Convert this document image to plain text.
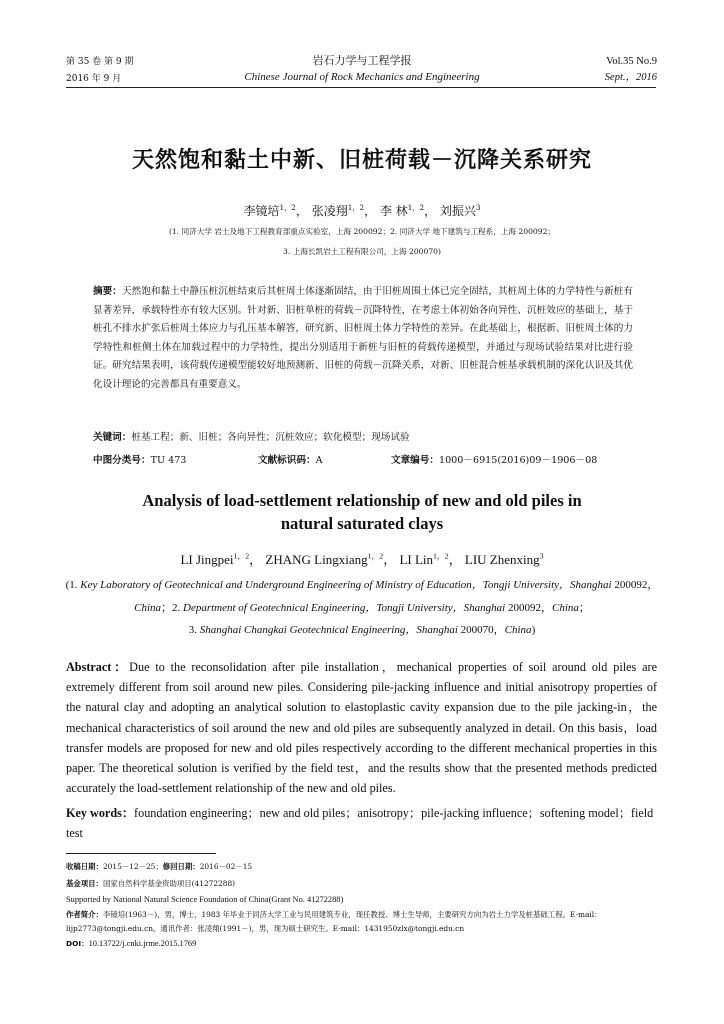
第 35 卷 第 9 期
2016 年 9 月
岩石力学与工程学报
Chinese Journal of Rock Mechanics and Engineering
Vol.35 No.9
Sept.，2016
天然饱和黏土中新、旧桩荷载－沉降关系研究
李镜培$^{1,2}$， 张凌翔$^{1,2}$， 李 林$^{1,2}$， 刘振兴$^3$
(1. 同济大学 岩土及地下工程教育部重点实验室，上海 200092；2. 同济大学 地下建筑与工程系，上海 200092；
3. 上海长凯岩土工程有限公司，上海 200070)
摘要：天然饱和黏土中静压桩沉桩结束后其桩周土体逐渐固结，由于旧桩周围土体已完全固结，其桩周土体的力学特性与新桩有显著差异，承载特性亦有较大区别。针对新、旧桩单桩的荷载－沉降特性，在考虑土体初始各向异性、沉桩效应的基础上，基于桩孔不排水扩张后桩周土体应力与孔压基本解答，研究新、旧桩周土体力学特性的差异。在此基础上，根据新、旧桩周土体的力学特性和桩侧土体在加载过程中的力学特性，提出分别适用于新桩与旧桩的荷载传递模型，并通过与现场试验结果对比进行验证。研究结果表明，该荷载传递模型能较好地预测新、旧桩的荷载－沉降关系，对新、旧桩混合桩基承载机制的深化认识及其优化设计理论的完善都具有重要意义。
关键词：桩基工程；新、旧桩；各向异性；沉桩效应；软化模型；现场试验
中图分类号：TU 473	文献标识码：A	文章编号：1000－6915(2016)09－1906－08
Analysis of load-settlement relationship of new and old piles in
natural saturated clays
LI Jingpei$^{1,2}$， ZHANG Lingxiang$^{1,2}$， LI Lin$^{1,2}$， LIU Zhenxing$^3$
(1. Key Laboratory of Geotechnical and Underground Engineering of Ministry of Education，Tongji University，Shanghai 200092，
China；2. Department of Geotechnical Engineering，Tongji University，Shanghai 200092，China；
3. Shanghai Changkai Geotechnical Engineering，Shanghai 200070，China)
Abstract：Due to the reconsolidation after pile installation，mechanical properties of soil around old piles are extremely different from soil around new piles. Considering pile-jacking influence and initial anisotropy properties of the natural clay and adopting an analytical solution to elastoplastic cavity expansion due to the pile jacking-in，the mechanical characteristics of soil around the new and old piles are subsequently analyzed in detail. On this basis，load transfer models are proposed for new and old piles respectively according to the different mechanical properties in this paper. The theoretical solution is verified by the field test，and the results show that the presented methods predicted accurately the load-settlement relationship of the new and old piles.
Key words：foundation engineering；new and old piles；anisotropy；pile-jacking influence；softening model；field test
收稿日期：2015－12－25；修回日期：2016－02－15
基金项目：国家自然科学基金资助项目(41272288)
Supported by National Natural Science Foundation of China(Grant No. 41272288)
作者简介：李镜培(1963－)，男，博士，1983 年毕业于同济大学工业与民用建筑专业，现任教授、博士生导师，主要研究方向为岩土力学及桩基础工程。E-mail：lijp2773@tongji.edu.cn。通讯作者：张凌翔(1991－)，男，现为硕士研究生。E-mail：1431950zlx@tongji.edu.cn
DOI：10.13722/j.cnki.jrme.2015.1769
